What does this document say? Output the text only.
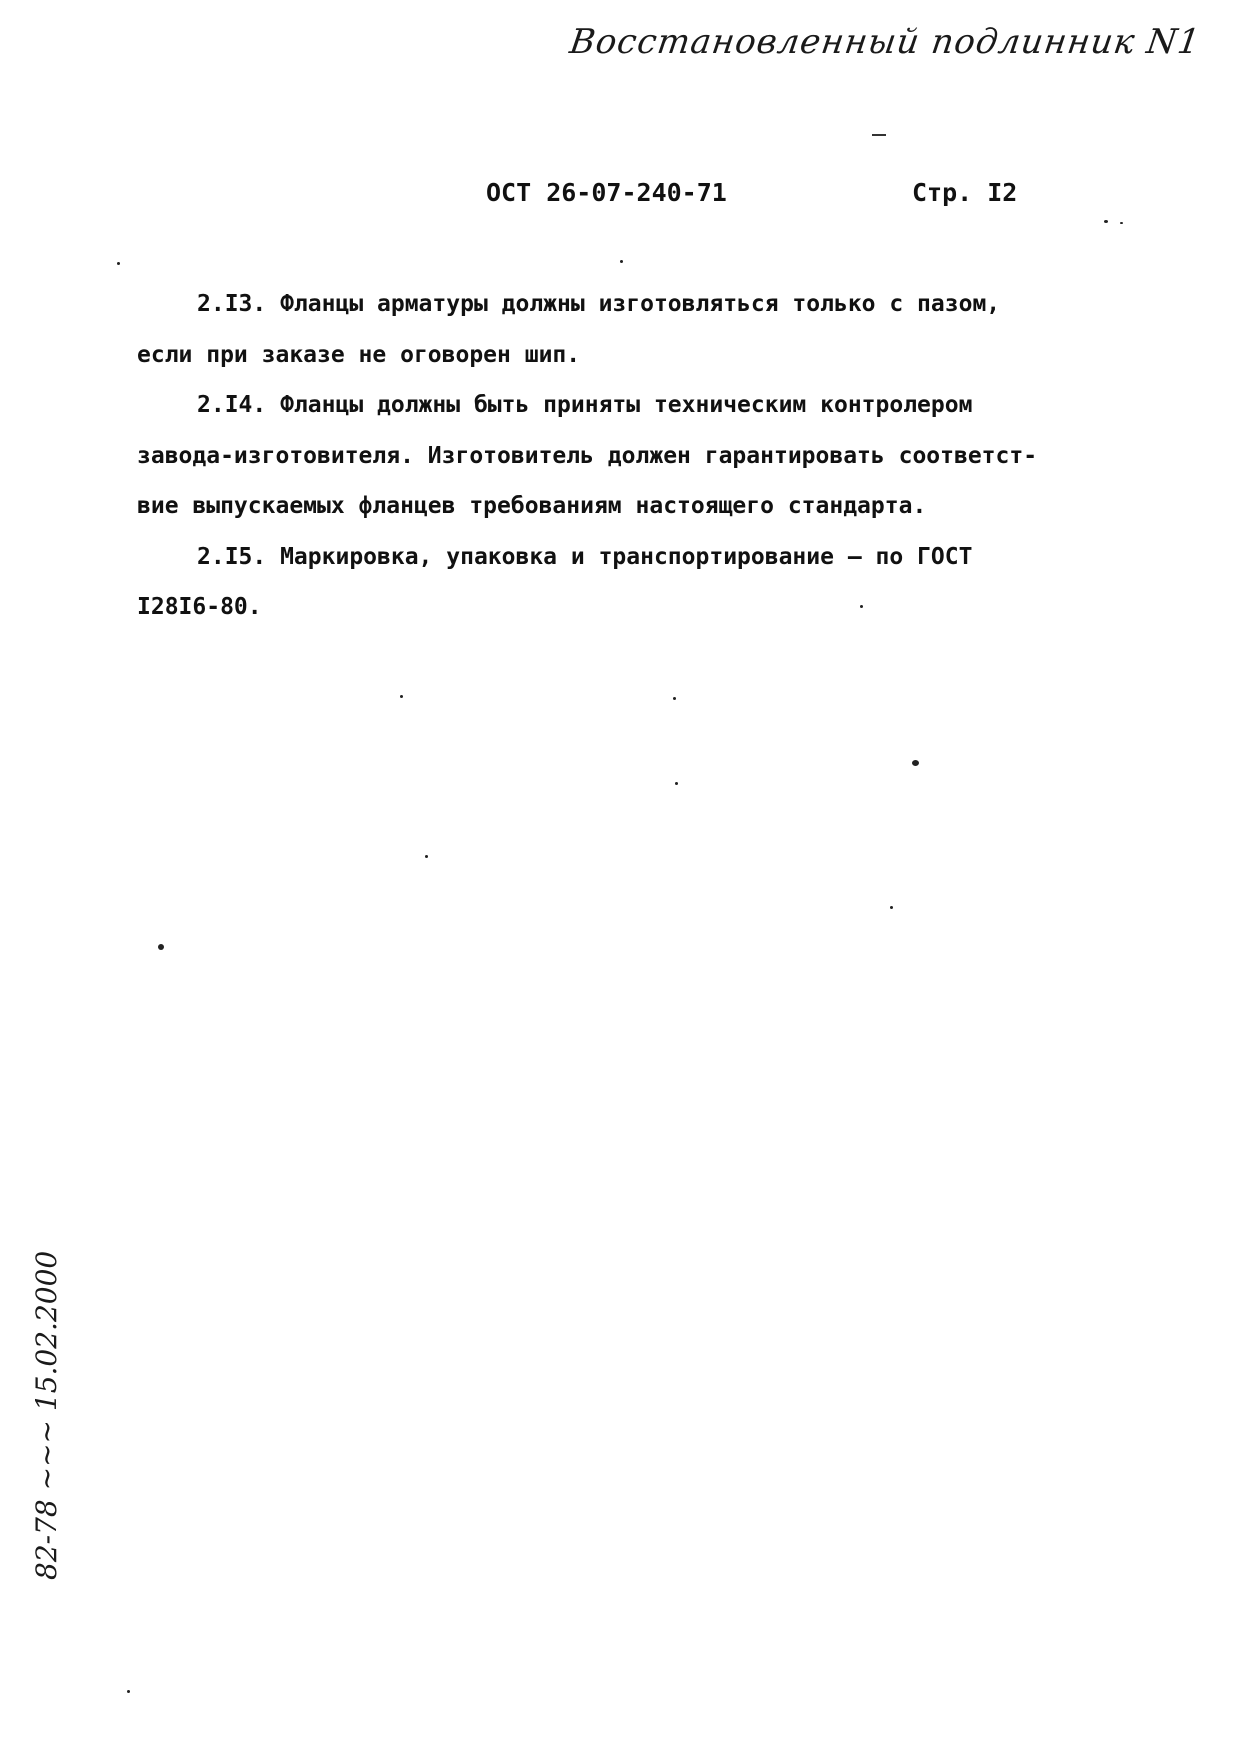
Восстановленный подлинник N1
ОСТ 26-07-240-71	Стр. I2

2.I3. Фланцы арматуры должны изготовляться только с пазом,
если при заказе не оговорен шип.

2.I4. Фланцы должны быть приняты техническим контролером
завода-изготовителя. Изготовитель должен гарантировать соответст-
вие выпускаемых фланцев требованиям настоящего стандарта.

2.I5. Маркировка, упаковка и транспортирование – по ГОСТ
I28I6-80.

82-78 ~~~ 15.02.2000
